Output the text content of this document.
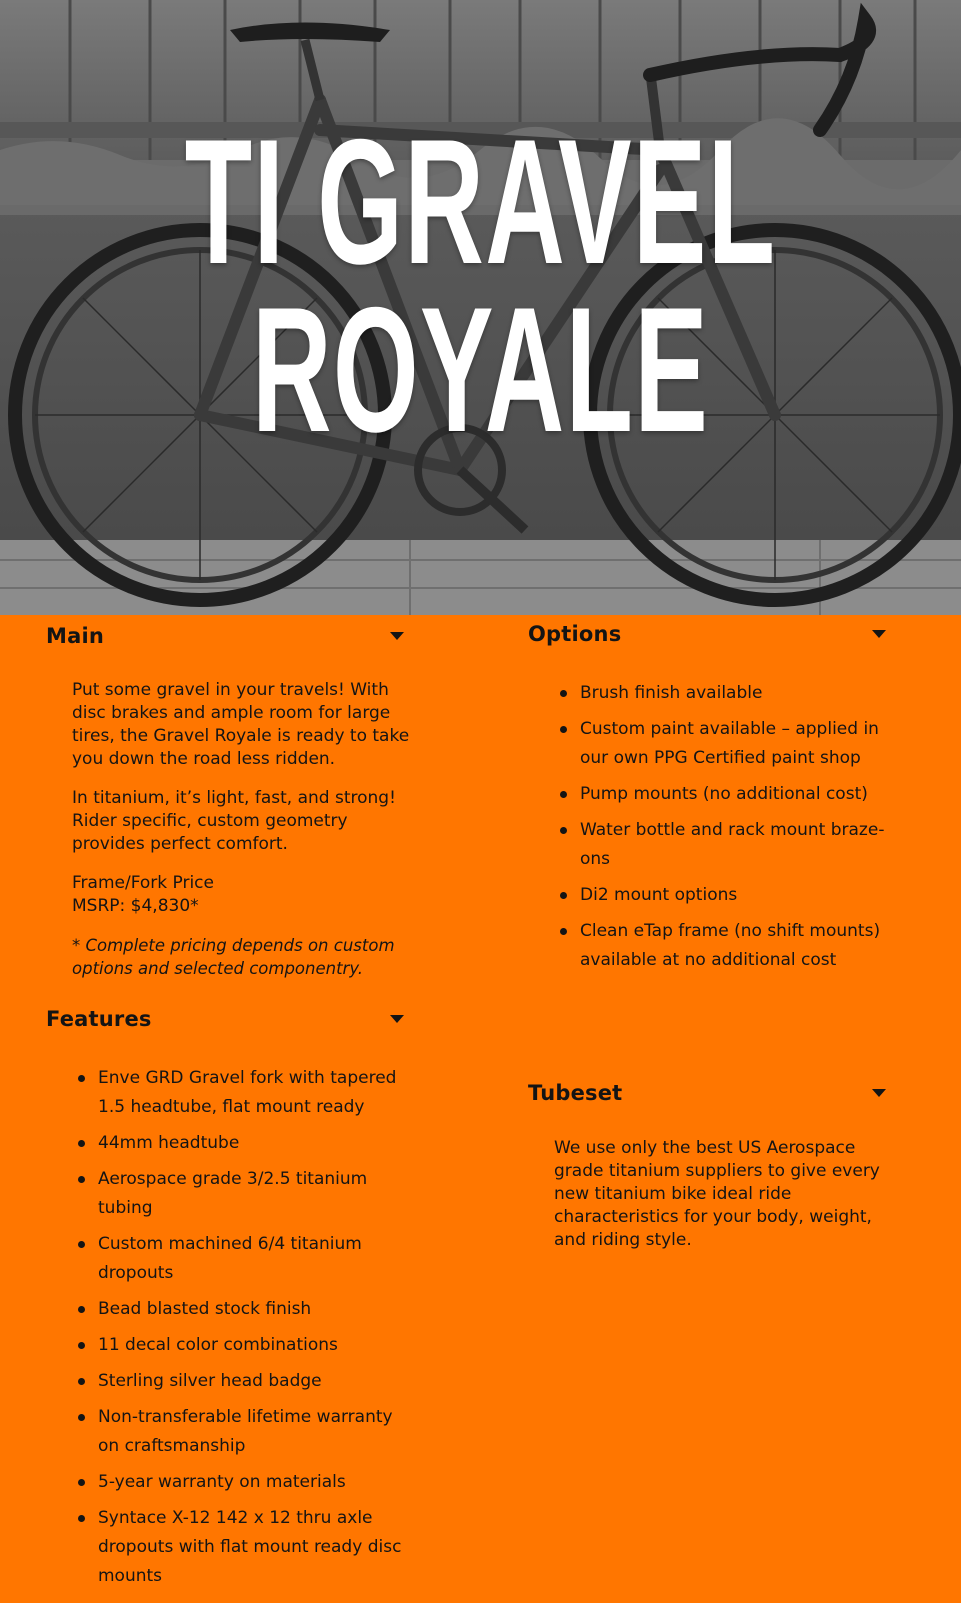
TI GRAVEL
ROYALE
Main

Put some gravel in your travels! With disc brakes and ample room for large tires, the Gravel Royale is ready to take you down the road less ridden.

In titanium, it’s light, fast, and strong! Rider specific, custom geometry provides perfect comfort.

Frame/Fork Price
MSRP: $4,830*

* Complete pricing depends on custom options and selected componentry.

Features
Enve GRD Gravel fork with tapered 1.5 headtube, flat mount ready
44mm headtube
Aerospace grade 3/2.5 titanium tubing
Custom machined 6/4 titanium dropouts
Bead blasted stock finish
11 decal color combinations
Sterling silver head badge
Non-transferable lifetime warranty on craftsmanship
5-year warranty on materials
Syntace X-12 142 x 12 thru axle dropouts with flat mount ready disc mounts
Options
Brush finish available
Custom paint available – applied in our own PPG Certified paint shop
Pump mounts (no additional cost)
Water bottle and rack mount braze-ons
Di2 mount options
Clean eTap frame (no shift mounts) available at no additional cost
Tubeset

We use only the best US Aerospace grade titanium suppliers to give every new titanium bike ideal ride characteristics for your body, weight, and riding style.
